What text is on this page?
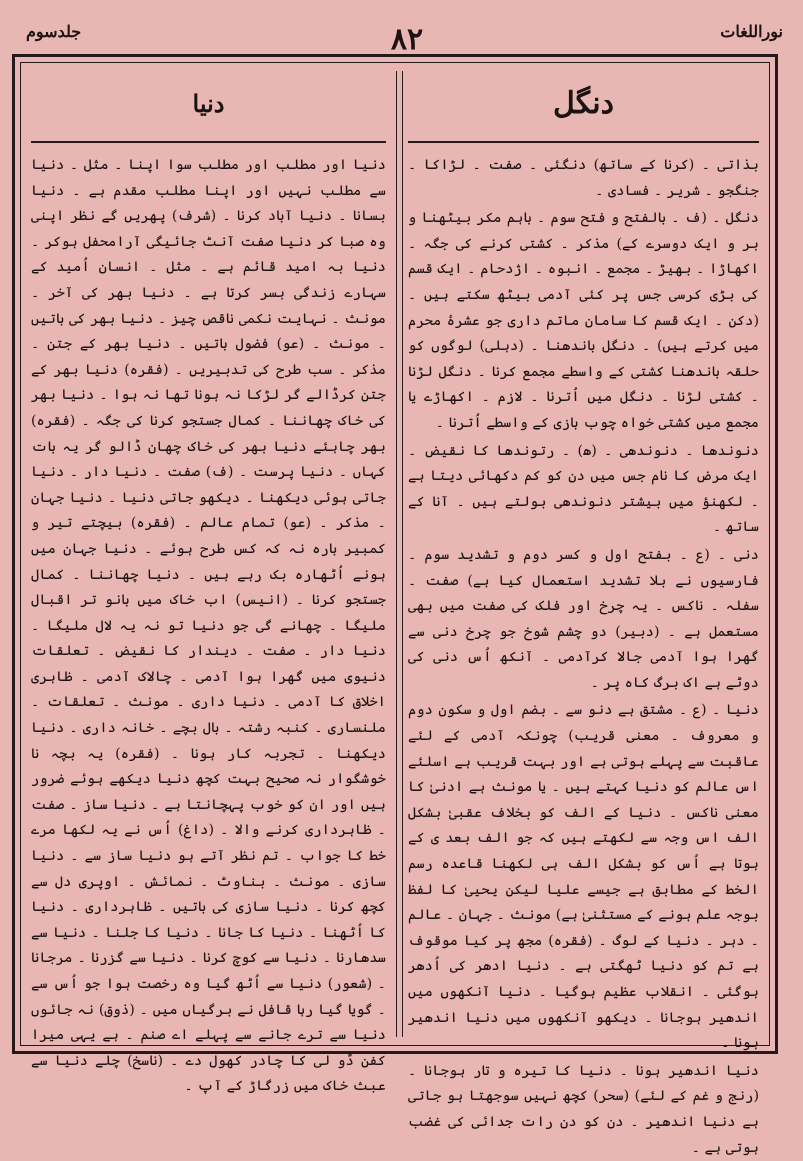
۸۲	نوراللغات
جلدسوم
دنگل

بذاتی ۔ (کرنا کے ساتھ) دنگئی ۔ صفت ۔ لڑاکا ۔ جنگجو ۔ شریر ۔ فسادی ۔

دنگل ۔ (ف ۔ بالفتح و فتح سوم ۔ باہم مکر بیٹھنا و بر و ایک دوسرے کے) مذکر ۔ کشتی کرنے کی جگہ ۔ اکھاڑا ۔ بھیڑ ۔ مجمع ۔ انبوہ ۔ اژدحام ۔ ایک قسم کی بڑی کرسی جس پر کئی آدمی بیٹھ سکتے ہیں ۔ (دکن ۔ ایک قسم کا سامان ماتم داری جو عشرۂ محرم میں کرتے ہیں) ۔ دنگل باندھنا ۔ (دہلی) لوگوں کو حلقہ باندھنا کشتی کے واسطے مجمع کرنا ۔ دنگل لڑنا ۔ کشتی لڑنا ۔ دنگل میں اُترنا ۔ لازم ۔ اکھاڑے یا مجمع میں کشتی خواہ چوب بازی کے واسطے اُترنا ۔

دنوندھا ۔ دنوندھی ۔ (ھ) ۔ رتوندھا کا نقیض ۔ ایک مرض کا نام جس میں دن کو کم دکھائی دیتا ہے ۔ لکھنؤ میں بیشتر دنوندھی بولتے ہیں ۔ آنا کے ساتھ ۔

دنی ۔ (ع ۔ بفتح اول و کسر دوم و تشدید سوم ۔ فارسیوں نے بلا تشدید استعمال کیا ہے) صفت ۔ سفلہ ۔ ناکس ۔ یہ چرخ اور فلک کی صفت میں بھی مستعمل ہے ۔ (دبیر) دو چشم شوخ جو چرخ دنی سے گھرا ہوا آدمی جالا کرآدمی ۔ آنکھ اُس دنی کی دوٹے ہے اک برگ کاہ پر ۔

دنیا ۔ (ع ۔ مشتق ہے دنو سے ۔ بضم اول و سکون دوم و معروف ۔ معنی قریب) چونکہ آدمی کے لئے عاقبت سے پہلے ہوتی ہے اور بہت قریب ہے اسلئے اس عالم کو دنیا کہتے ہیں ۔ یا مونث ہے ادنیٰ کا معنی ناکس ۔ دنیا کے الف کو بخلاف عقبیٰ بشکل الف اس وجہ سے لکھتے ہیں کہ جو الف بعد ی کے ہوتا ہے اُس کو بشکل الف ہی لکھنا قاعدہ رسم الخط کے مطابق ہے جیسے علیا لیکن یحییٰ کا لفظ بوجہ علم ہونے کے مستثنیٰ ہے) مونث ۔ جہان ۔ عالم ۔ دہر ۔ دنیا کے لوگ ۔ (فقرہ) مجھ پر کیا موقوف ہے تم کو دنیا ٹھگتی ہے ۔ دنیا ادھر کی اُدھر ہوگئی ۔ انقلاب عظیم ہوگیا ۔ دنیا آنکھوں میں اندھیر ہوجانا ۔ دیکھو آنکھوں میں دنیا اندھیر ہونا ۔

دنیا اندھیر ہونا ۔ دنیا کا تیرہ و تار ہوجانا ۔ (رنج و غم کے لئے) (سحر) کچھ نہیں سوجھتا ہو جاتی ہے دنیا اندھیر ۔ دن کو دن رات جدائی کی غضب ہوتی ہے ۔

دنیا

دنیا اور مطلب اور مطلب سوا اپنا ۔ مثل ۔ دنیا سے مطلب نہیں اور اپنا مطلب مقدم ہے ۔ دنیا بسانا ۔ دنیا آباد کرنا ۔ (شرف) پھریں گے نظر اپنی وہ صبا کر دنیا صفت آنٹ جائیگی آرامحفل ہوکر ۔ دنیا بہ امید قائم ہے ۔ مثل ۔ انسان اُمید کے سہارے زندگی بسر کرتا ہے ۔ دنیا بھر کی آخر ۔ مونث ۔ نہایت نکمی ناقص چیز ۔ دنیا بھر کی باتیں ۔ مونث ۔ (عو) فضول باتیں ۔ دنیا بھر کے جتن ۔ مذکر ۔ سب طرح کی تدبیریں ۔ (فقرہ) دنیا بھر کے جتن کرڈالے گر لڑکا نہ ہونا تھا نہ ہوا ۔ دنیا بھر کی خاک چھاننا ۔ کمال جستجو کرنا کی جگہ ۔ (فقرہ) بھر چاہئے دنیا بھر کی خاک چھان ڈالو گر یہ بات کہاں ۔ دنیا پرست ۔ (ف) صفت ۔ دنیا دار ۔ دنیا جاتی ہوئی دیکھنا ۔ دیکھو جاتی دنیا ۔ دنیا جہان ۔ مذکر ۔ (عو) تمام عالم ۔ (فقرہ) بیچتے تیر و کمبیر بارہ نہ کہ کس طرح ہوئے ۔ دنیا جہان میں ہونے اُٹھارہ بک رہے ہیں ۔ دنیا چھاننا ۔ کمال جستجو کرنا ۔ (انیس) اب خاک میں بانو تر اقبال ملیگا ۔ چھانے گی جو دنیا تو نہ یہ لال ملیگا ۔ دنیا دار ۔ صفت ۔ دیندار کا نقیض ۔ تعلقات دنیوی میں گھرا ہوا آدمی ۔ چالاک آدمی ۔ ظاہری اخلاق کا آدمی ۔ دنیا داری ۔ مونث ۔ تعلقات ۔ ملنساری ۔ کنبہ رشتہ ۔ بال بچے ۔ خانہ داری ۔ دنیا دیکھنا ۔ تجربہ کار ہونا ۔ (فقرہ) یہ بچہ نا خوشگوار نہ صحیح بہت کچھ دنیا دیکھے ہوئے ضرور ہیں اور ان کو خوب پہچانتا ہے ۔ دنیا ساز ۔ صفت ۔ ظاہرداری کرنے والا ۔ (داغ) اُس نے یہ لکھا مرے خط کا جواب ۔ تم نظر آتے ہو دنیا ساز سے ۔ دنیا سازی ۔ مونث ۔ بناوٹ ۔ نمائش ۔ اوپری دل سے کچھ کرنا ۔ دنیا سازی کی باتیں ۔ ظاہرداری ۔ دنیا کا اُٹھنا ۔ دنیا کا جانا ۔ دنیا کا جلنا ۔ دنیا سے سدھارنا ۔ دنیا سے کوچ کرنا ۔ دنیا سے گزرنا ۔ مرجانا ۔ (شعور) دنیا سے اُٹھ گیا وہ رخصت ہوا جو اُس سے ۔ گویا گیا رہا قافل نے برگیاں میں ۔ (ذوق) نہ جائوں دنیا سے ترے جانے سے پہلے اے صنم ۔ ہے یہی میرا کفن ڈو لی کا چادر کھول دے ۔ (ناسخ) چلے دنیا سے عبث خاک میں زرگاڑ کے آپ ۔
